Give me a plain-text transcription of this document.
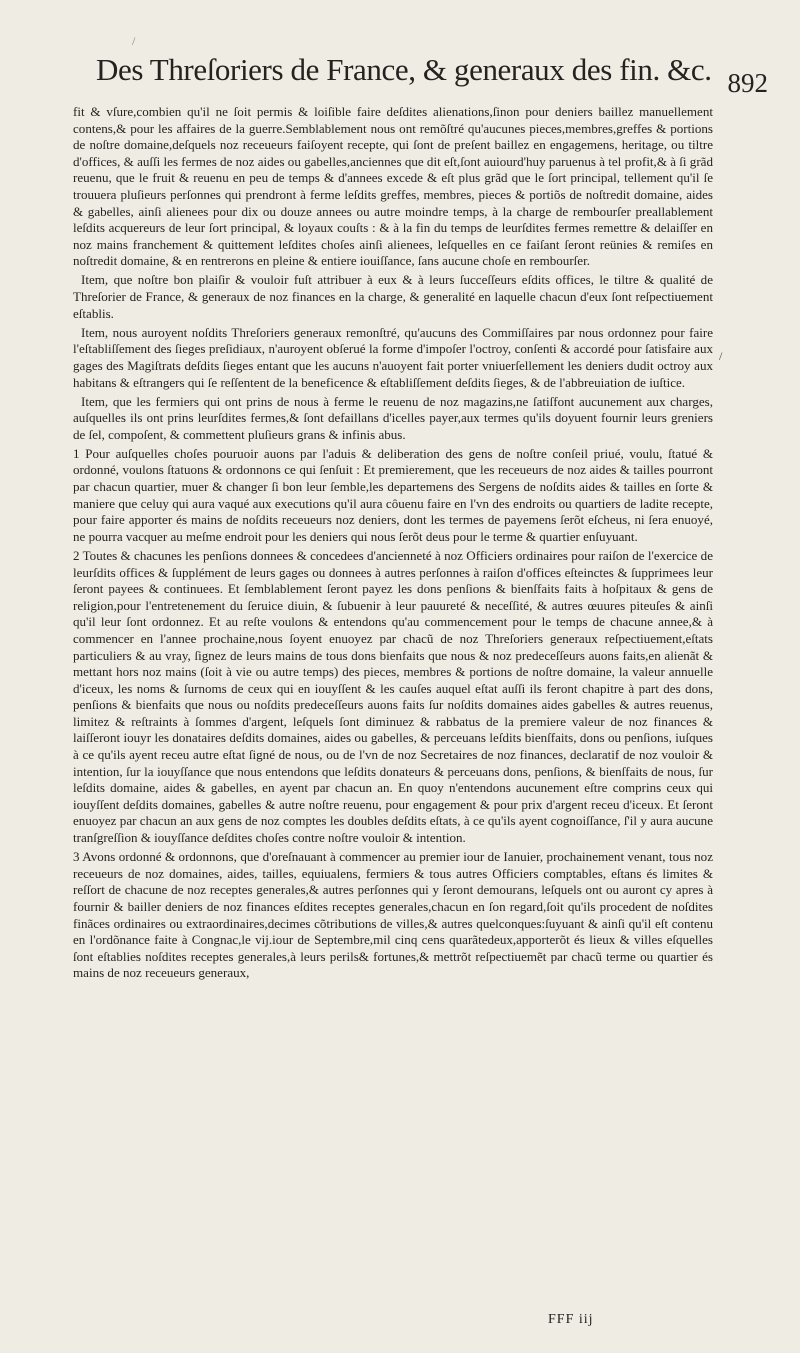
/
Des Threſoriers de France, & generaux des fin. &c. 892

fit & vſure,combien qu'il ne ſoit permis & loiſible faire deſdites alienations,ſinon pour deniers baillez manuellement contens,& pour les affaires de la guerre.Semblablement nous ont remõſtré qu'aucunes pieces,membres,greffes & portions de noſtre domaine,deſquels noz receueurs faiſoyent recepte, qui ſont de preſent baillez en engagemens, heritage, ou tiltre d'offices, & auſſi les fermes de noz aides ou gabelles,anciennes que dit eſt,ſont auiourd'huy paruenus à tel profit,& à ſi grãd reuenu, que le fruit & reuenu en peu de temps & d'annees excede & eſt plus grãd que le ſort principal, tellement qu'il ſe trouuera pluſieurs perſonnes qui prendront à ferme leſdits greffes, membres, pieces & portiõs de noſtredit domaine, aides & gabelles, ainſi alienees pour dix ou douze annees ou autre moindre temps, à la charge de rembourſer preallablement leſdits acquereurs de leur ſort principal, & loyaux couſts : & à la fin du temps de leurſdites fermes remettre & delaiſſer en noz mains franchement & quittement leſdites choſes ainſi alienees, leſquelles en ce faiſant ſeront reünies & remiſes en noſtredit domaine, & en rentrerons en pleine & entiere iouiſſance, ſans aucune choſe en rembourſer.

Item, que noſtre bon plaiſir & vouloir fuſt attribuer à eux & à leurs ſucceſſeurs eſdits offices, le tiltre & qualité de Threſorier de France, & generaux de noz finances en la charge, & generalité en laquelle chacun d'eux ſont reſpectiuement eſtablis.

Item, nous auroyent noſdits Threſoriers generaux remonſtré, qu'aucuns des Commiſſaires par nous ordonnez pour faire l'eſtabliſſement des ſieges preſidiaux, n'auroyent obſerué la forme d'impoſer l'octroy, conſenti & accordé pour ſatisfaire aux gages des Magiſtrats deſdits ſieges entant que les aucuns n'auoyent fait porter vniuerſellement les deniers dudit octroy aux habitans & eſtrangers qui ſe reſſentent de la beneficence & eſtabliſſement deſdits ſieges, & de l'abbreuiation de iuſtice.

Item, que les fermiers qui ont prins de nous à ferme le reuenu de noz magazins,ne ſatiſfont aucunement aux charges, auſquelles ils ont prins leurſdites fermes,& ſont defaillans d'icelles payer,aux termes qu'ils doyuent fournir leurs greniers de ſel, compoſent, & commettent pluſieurs grans & infinis abus.

1 Pour auſquelles choſes pouruoir auons par l'aduis & deliberation des gens de noſtre conſeil priué, voulu, ſtatué & ordonné, voulons ſtatuons & ordonnons ce qui ſenſuit : Et premierement, que les receueurs de noz aides & tailles pourront par chacun quartier, muer & changer ſi bon leur ſemble,les departemens des Sergens de noſdits aides & tailles en ſorte & maniere que celuy qui aura vaqué aux executions qu'il aura côuenu faire en l'vn des endroits ou quartiers de ladite recepte, pour faire apporter és mains de noſdits receueurs noz deniers, dont les termes de payemens ſerõt eſcheus, ni ſera enuoyé, ne pourra vacquer au meſme endroit pour les deniers qui nous ſerõt deus pour le terme & quartier enſuyuant.

2 Toutes & chacunes les penſions donnees & concedees d'ancienneté à noz Officiers ordinaires pour raiſon de l'exercice de leurſdits offices & ſupplément de leurs gages ou donnees à autres perſonnes à raiſon d'offices eſteinctes & ſupprimees leur ſeront payees & continuees. Et ſemblablement ſeront payez les dons penſions & bienſfaits faits à hoſpitaux & gens de religion,pour l'entretenement du ſeruice diuin, & ſubuenir à leur pauureté & neceſſité, & autres œuures piteuſes & ainſi qu'il leur ſont ordonnez. Et au reſte voulons & entendons qu'au commencement pour le temps de chacune annee,& à commencer en l'annee prochaine,nous ſoyent enuoyez par chacũ de noz Threſoriers generaux reſpectiuement,eſtats particuliers & au vray, ſignez de leurs mains de tous dons bienfaits que nous & noz predeceſſeurs auons faits,en alienãt & mettant hors noz mains (ſoit à vie ou autre temps) des pieces, membres & portions de noſtre domaine, la valeur annuelle d'iceux, les noms & ſurnoms de ceux qui en iouyſſent & les cauſes auquel eſtat auſſi ils feront chapitre à part des dons, penſions & bienfaits que nous ou noſdits predeceſſeurs auons faits ſur noſdits domaines aides gabelles & autres reuenus, limitez & reſtraints à ſommes d'argent, leſquels ſont diminuez & rabbatus de la premiere valeur de noz finances & laiſſeront iouyr les donataires deſdits domaines, aides ou gabelles, & perceuans leſdits bienſfaits, dons ou penſions, iuſques à ce qu'ils ayent receu autre eſtat ſigné de nous, ou de l'vn de noz Secretaires de noz finances, declaratif de noz vouloir & intention, ſur la iouyſſance que nous entendons que leſdits donateurs & perceuans dons, penſions, & bienſfaits de nous, ſur leſdits domaine, aides & gabelles, en ayent par chacun an. En quoy n'entendons aucunement eſtre comprins ceux qui iouyſſent deſdits domaines, gabelles & autre noſtre reuenu, pour engagement & pour prix d'argent receu d'iceux. Et ſeront enuoyez par chacun an aux gens de noz comptes les doubles deſdits eſtats, à ce qu'ils ayent cognoiſſance, ſ'il y aura aucune tranſgreſſion & iouyſſance deſdites choſes contre noſtre vouloir & intention.

3 Avons ordonné & ordonnons, que d'oreſnauant à commencer au premier iour de Ianuier, prochainement venant, tous noz receueurs de noz domaines, aides, tailles, equiualens, fermiers & tous autres Officiers comptables, eſtans és limites & reſſort de chacune de noz receptes generales,& autres perſonnes qui y ſeront demourans, leſquels ont ou auront cy apres à fournir & bailler deniers de noz finances eſdites receptes generales,chacun en ſon regard,ſoit qu'ils procedent de noſdites finãces ordinaires ou extraordinaires,decimes cõtributions de villes,& autres quelconques:ſuyuant & ainſi qu'il eſt contenu en l'ordõnance faite à Congnac,le vij.iour de Septembre,mil cinq cens quarãtedeux,apporterõt és lieux & villes eſquelles ſont eſtablies noſdites receptes generales,à leurs perils& fortunes,& mettrõt reſpectiuemẽt par chacũ terme ou quartier és mains de noz receueurs generaux,

/
FFF iij
